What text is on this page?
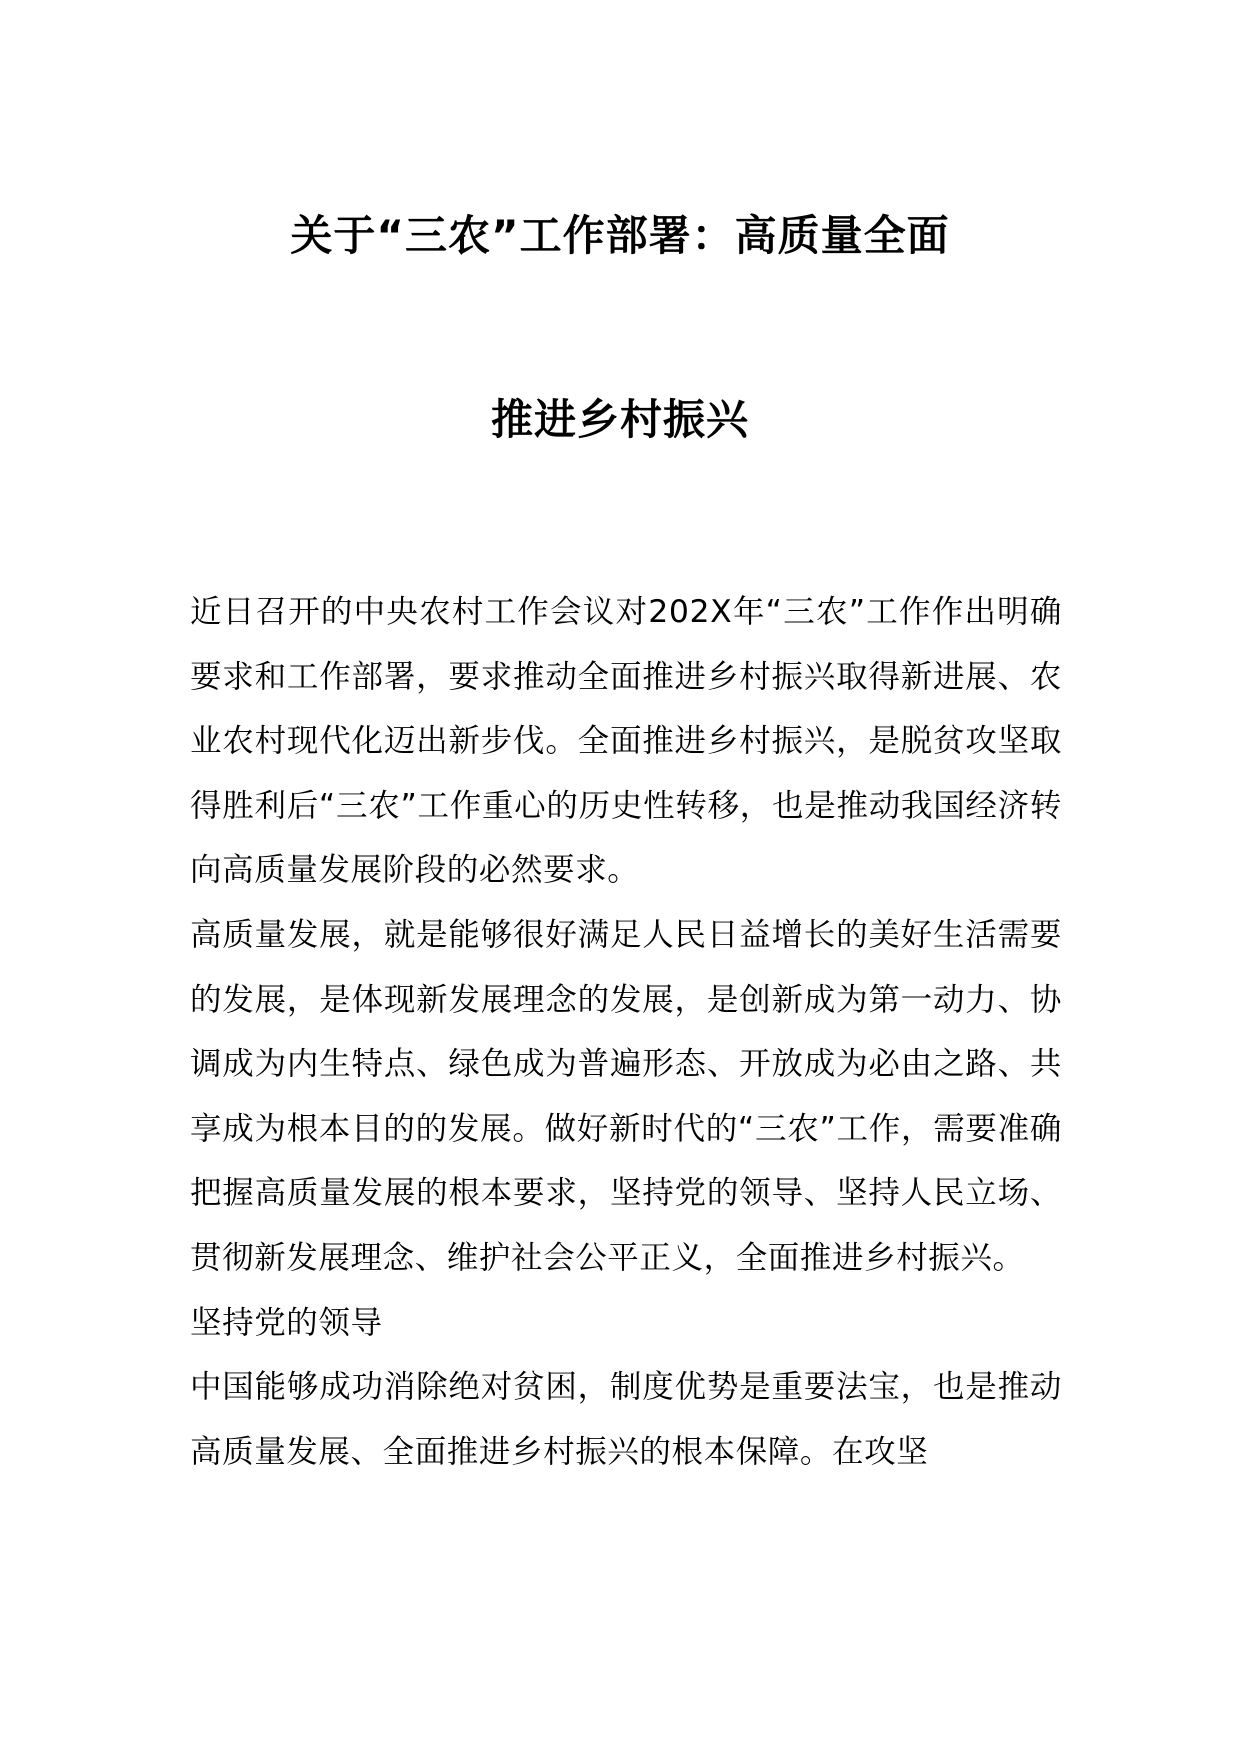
关于“三农”工作部署：高质量全面
推进乡村振兴

近日召开的中央农村工作会议对202X年“三农”工作作出明确要求和工作部署，要求推动全面推进乡村振兴取得新进展、农业农村现代化迈出新步伐。全面推进乡村振兴，是脱贫攻坚取得胜利后“三农”工作重心的历史性转移，也是推动我国经济转向高质量发展阶段的必然要求。

高质量发展，就是能够很好满足人民日益增长的美好生活需要的发展，是体现新发展理念的发展，是创新成为第一动力、协调成为内生特点、绿色成为普遍形态、开放成为必由之路、共享成为根本目的的发展。做好新时代的“三农”工作，需要准确把握高质量发展的根本要求，坚持党的领导、坚持人民立场、贯彻新发展理念、维护社会公平正义，全面推进乡村振兴。

坚持党的领导

中国能够成功消除绝对贫困，制度优势是重要法宝，也是推动高质量发展、全面推进乡村振兴的根本保障。在攻坚
